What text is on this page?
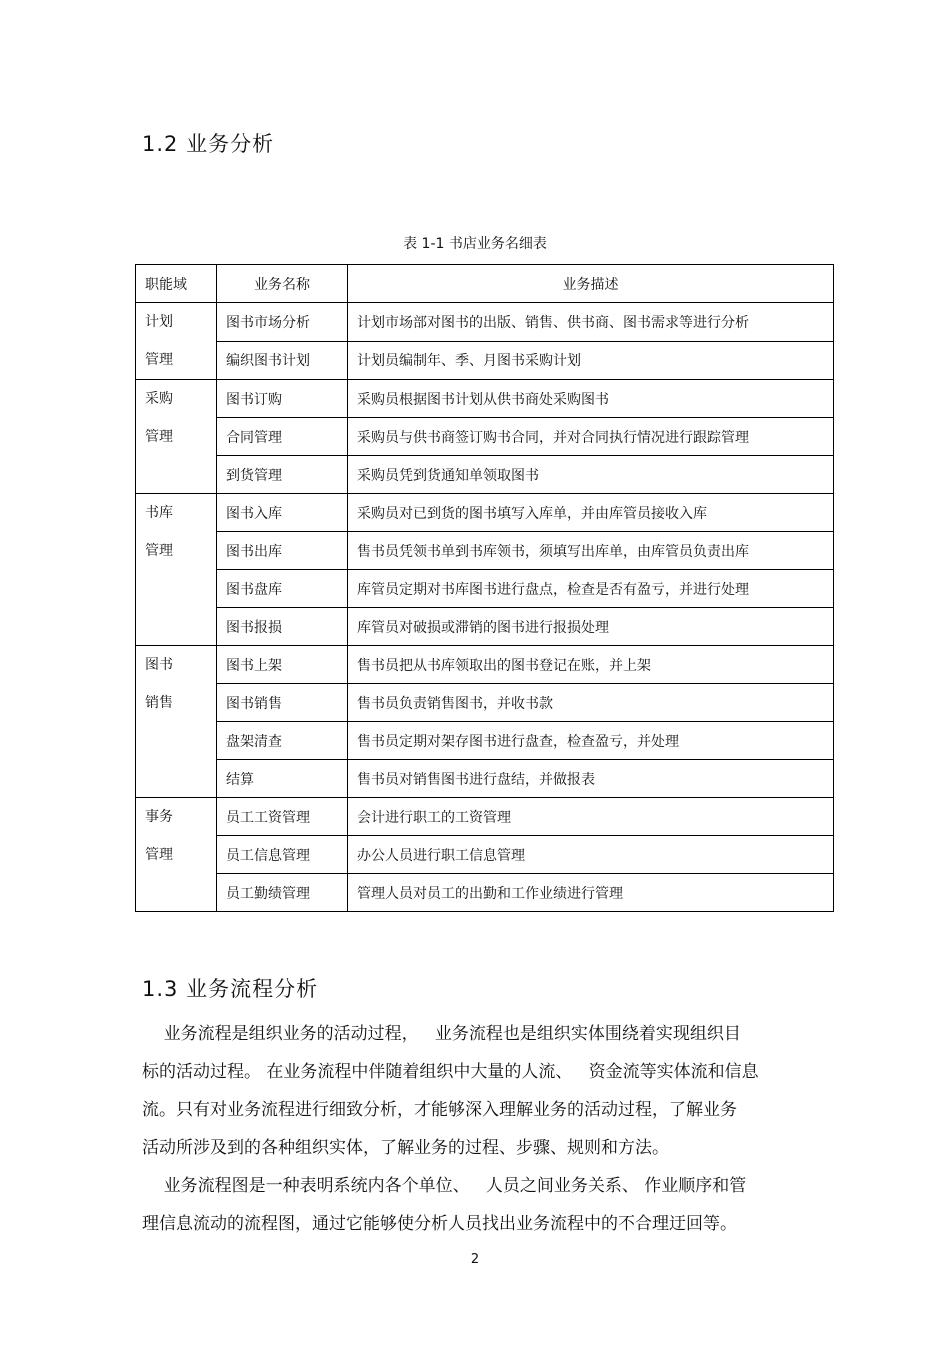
1.2 业务分析
表 1-1 书店业务名细表
职能域	业务名称	业务描述

计划
管理	图书市场分析	计划市场部对图书的出版、销售、供书商、图书需求等进行分析
	编织图书计划	计划员编制年、季、月图书采购计划

采购
管理	图书订购	采购员根据图书计划从供书商处采购图书
	合同管理	采购员与供书商签订购书合同，并对合同执行情况进行跟踪管理
	到货管理	采购员凭到货通知单领取图书

书库
管理	图书入库	采购员对已到货的图书填写入库单，并由库管员接收入库
	图书出库	售书员凭领书单到书库领书，须填写出库单，由库管员负责出库
	图书盘库	库管员定期对书库图书进行盘点，检查是否有盈亏，并进行处理
	图书报损	库管员对破损或滞销的图书进行报损处理

图书
销售	图书上架	售书员把从书库领取出的图书登记在账，并上架
	图书销售	售书员负责销售图书，并收书款
	盘架清查	售书员定期对架存图书进行盘查，检查盈亏，并处理
	结算	售书员对销售图书进行盘结，并做报表

事务
管理	员工工资管理	会计进行职工的工资管理
	员工信息管理	办公人员进行职工信息管理
	员工勤绩管理	管理人员对员工的出勤和工作业绩进行管理
1.3 业务流程分析
业务流程是组织业务的活动过程，   业务流程也是组织实体围绕着实现组织目
标的活动过程。 在业务流程中伴随着组织中大量的人流、   资金流等实体流和信息
流。只有对业务流程进行细致分析，才能够深入理解业务的活动过程，了解业务
活动所涉及到的各种组织实体，了解业务的过程、步骤、规则和方法。
业务流程图是一种表明系统内各个单位、   人员之间业务关系、 作业顺序和管
理信息流动的流程图，通过它能够使分析人员找出业务流程中的不合理迂回等。
2
